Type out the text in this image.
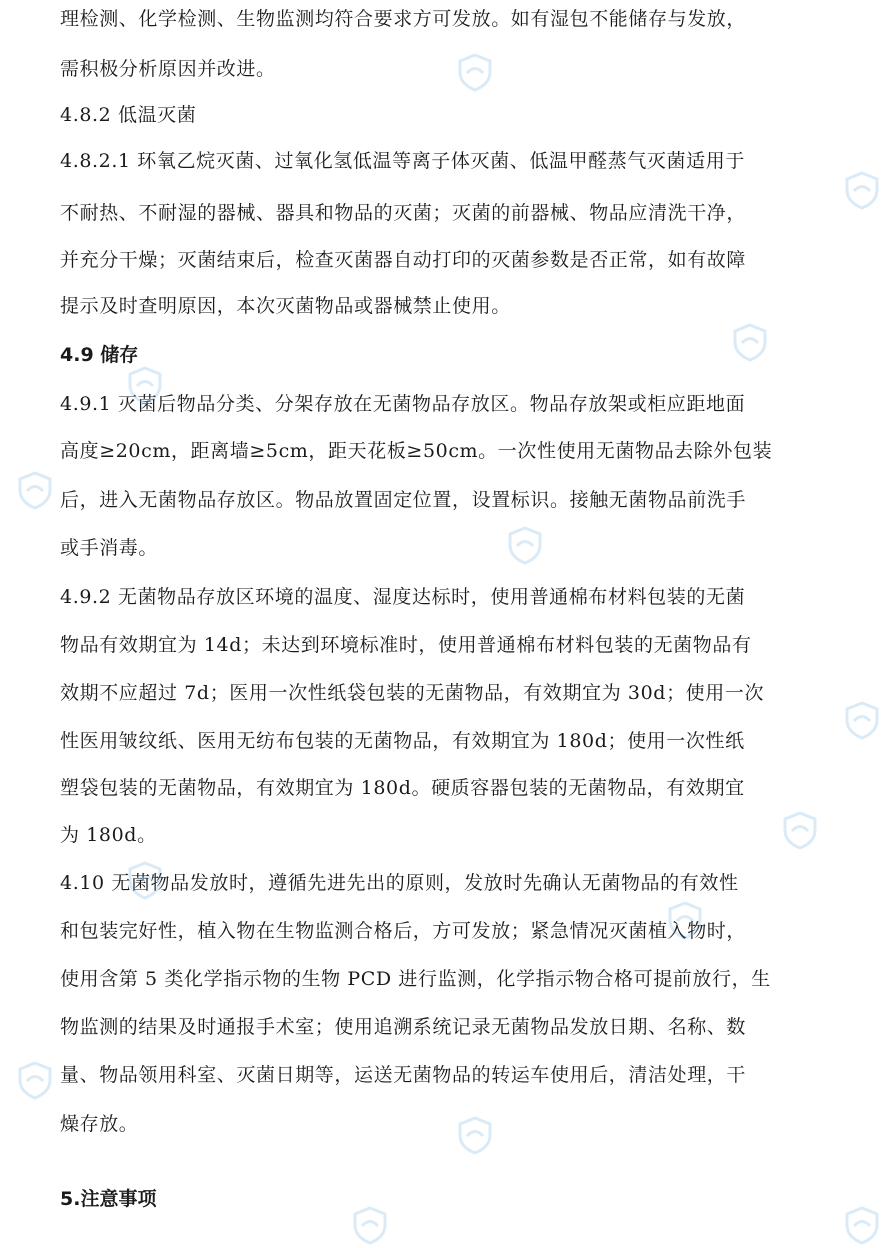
理检测、化学检测、生物监测均符合要求方可发放。如有湿包不能储存与发放，
需积极分析原因并改进。
4.8.2 低温灭菌
4.8.2.1 环氧乙烷灭菌、过氧化氢低温等离子体灭菌、低温甲醛蒸气灭菌适用于
不耐热、不耐湿的器械、器具和物品的灭菌；灭菌的前器械、物品应清洗干净，
并充分干燥；灭菌结束后，检查灭菌器自动打印的灭菌参数是否正常，如有故障
提示及时查明原因，本次灭菌物品或器械禁止使用。
4.9 储存
4.9.1 灭菌后物品分类、分架存放在无菌物品存放区。物品存放架或柜应距地面
高度≥20cm，距离墙≥5cm，距天花板≥50cm。一次性使用无菌物品去除外包装
后，进入无菌物品存放区。物品放置固定位置，设置标识。接触无菌物品前洗手
或手消毒。
4.9.2 无菌物品存放区环境的温度、湿度达标时，使用普通棉布材料包装的无菌
物品有效期宜为 14d；未达到环境标准时，使用普通棉布材料包装的无菌物品有
效期不应超过 7d；医用一次性纸袋包装的无菌物品，有效期宜为 30d；使用一次
性医用皱纹纸、医用无纺布包装的无菌物品，有效期宜为 180d；使用一次性纸
塑袋包装的无菌物品，有效期宜为 180d。硬质容器包装的无菌物品，有效期宜
为 180d。
4.10 无菌物品发放时，遵循先进先出的原则，发放时先确认无菌物品的有效性
和包装完好性，植入物在生物监测合格后，方可发放；紧急情况灭菌植入物时，
使用含第 5 类化学指示物的生物 PCD 进行监测，化学指示物合格可提前放行，生
物监测的结果及时通报手术室；使用追溯系统记录无菌物品发放日期、名称、数
量、物品领用科室、灭菌日期等，运送无菌物品的转运车使用后，清洁处理，干
燥存放。
5.注意事项
